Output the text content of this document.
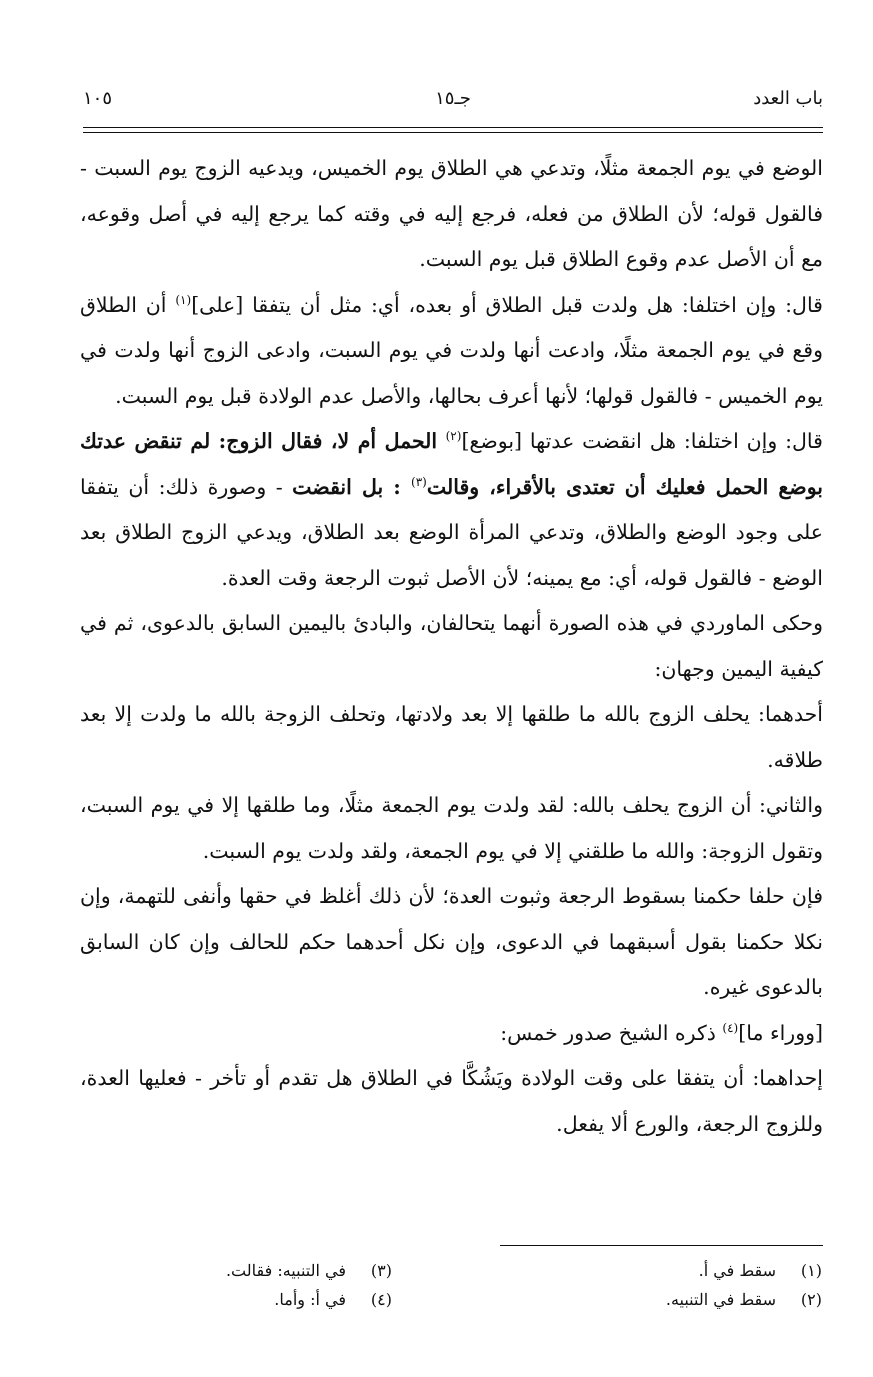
باب العدد
جـ١٥
١٠٥

الوضع في يوم الجمعة مثلًا، وتدعي هي الطلاق يوم الخميس، ويدعيه الزوج يوم السبت - فالقول قوله؛ لأن الطلاق من فعله، فرجع إليه في وقته كما يرجع إليه في أصل وقوعه، مع أن الأصل عدم وقوع الطلاق قبل يوم السبت.

قال: وإن اختلفا: هل ولدت قبل الطلاق أو بعده، أي: مثل أن يتفقا [على]$^{(١)}$ أن الطلاق وقع في يوم الجمعة مثلًا، وادعت أنها ولدت في يوم السبت، وادعى الزوج أنها ولدت في يوم الخميس - فالقول قولها؛ لأنها أعرف بحالها، والأصل عدم الولادة قبل يوم السبت.

قال: وإن اختلفا: هل انقضت عدتها [بوضع]$^{(٢)}$ الحمل أم لا، فقال الزوج: لم تنقض عدتك بوضع الحمل فعليك أن تعتدى بالأقراء، وقالت$^{(٣)}$ : بل انقضت - وصورة ذلك: أن يتفقا على وجود الوضع والطلاق، وتدعي المرأة الوضع بعد الطلاق، ويدعي الزوج الطلاق بعد الوضع - فالقول قوله، أي: مع يمينه؛ لأن الأصل ثبوت الرجعة وقت العدة.

وحكى الماوردي في هذه الصورة أنهما يتحالفان، والبادئ باليمين السابق بالدعوى، ثم في كيفية اليمين وجهان:

أحدهما: يحلف الزوج بالله ما طلقها إلا بعد ولادتها، وتحلف الزوجة بالله ما ولدت إلا بعد طلاقه.

والثاني: أن الزوج يحلف بالله: لقد ولدت يوم الجمعة مثلًا، وما طلقها إلا في يوم السبت، وتقول الزوجة: والله ما طلقني إلا في يوم الجمعة، ولقد ولدت يوم السبت.

فإن حلفا حكمنا بسقوط الرجعة وثبوت العدة؛ لأن ذلك أغلظ في حقها وأنفى للتهمة، وإن نكلا حكمنا بقول أسبقهما في الدعوى، وإن نكل أحدهما حكم للحالف وإن كان السابق بالدعوى غيره.

[ووراء ما]$^{(٤)}$ ذكره الشيخ صدور خمس:

إحداهما: أن يتفقا على وقت الولادة ويَشُكَّا في الطلاق هل تقدم أو تأخر - فعليها العدة، وللزوج الرجعة، والورع ألا يفعل.

(١)سقط في أ.
(٣)في التنبيه: فقالت.
(٢)سقط في التنبيه.
(٤)في أ: وأما.
